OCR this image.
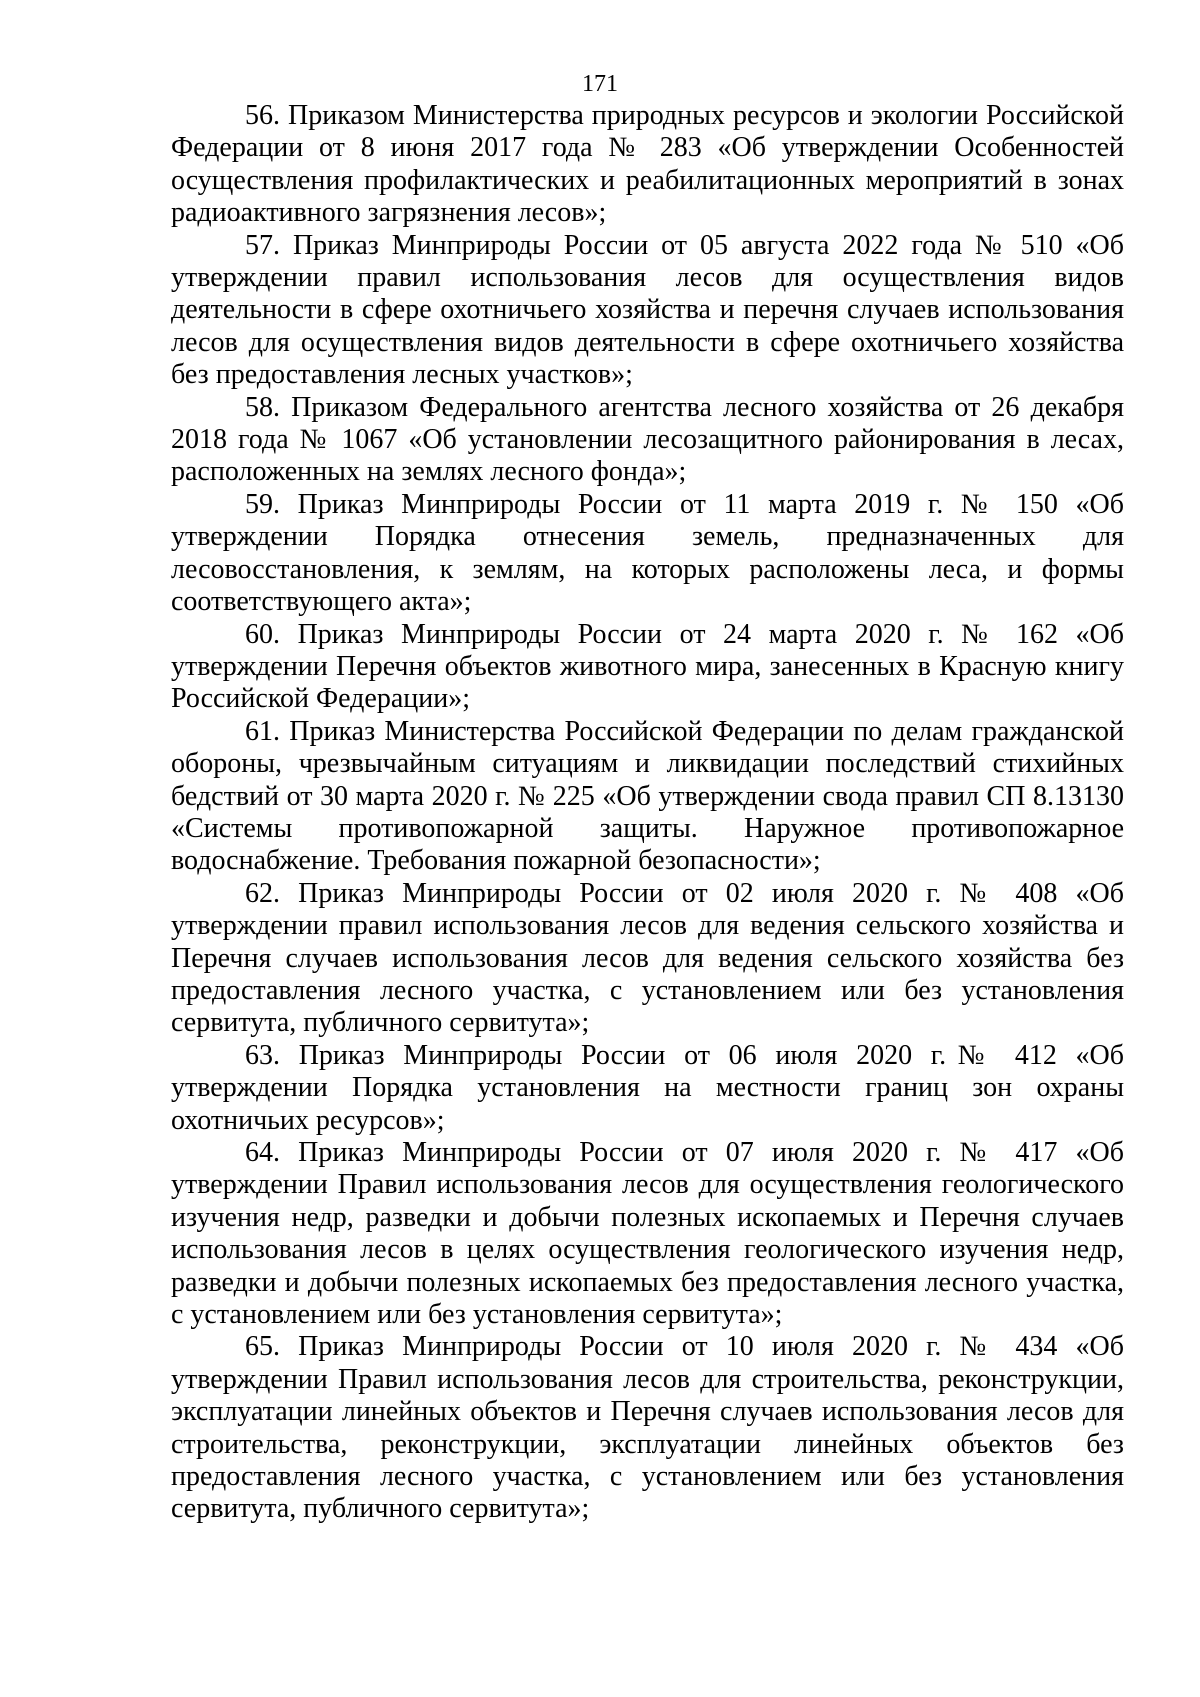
171

56. Приказом Министерства природных ресурсов и экологии Российской Федерации от 8 июня 2017 года № 283 «Об утверждении Особенностей осуществления профилактических и реабилитационных мероприятий в зонах радиоактивного загрязнения лесов»;

57. Приказ Минприроды России от 05 августа 2022 года № 510 «Об утверждении правил использования лесов для осуществления видов деятельности в сфере охотничьего хозяйства и перечня случаев использования лесов для осуществления видов деятельности в сфере охотничьего хозяйства без предоставления лесных участков»;

58. Приказом Федерального агентства лесного хозяйства от 26 декабря 2018 года № 1067 «Об установлении лесозащитного районирования в лесах, расположенных на землях лесного фонда»;

59. Приказ Минприроды России от 11 марта 2019 г. № 150 «Об утверждении Порядка отнесения земель, предназначенных для лесовосстановления, к землям, на которых расположены леса, и формы соответствующего акта»;

60. Приказ Минприроды России от 24 марта 2020 г. № 162 «Об утверждении Перечня объектов животного мира, занесенных в Красную книгу Российской Федерации»;

61. Приказ Министерства Российской Федерации по делам гражданской обороны, чрезвычайным ситуациям и ликвидации последствий стихийных бедствий от 30 марта 2020 г. № 225 «Об утверждении свода правил СП 8.13130 «Системы противопожарной защиты. Наружное противопожарное водоснабжение. Требования пожарной безопасности»;

62. Приказ Минприроды России от 02 июля 2020 г. № 408 «Об утверждении правил использования лесов для ведения сельского хозяйства и Перечня случаев использования лесов для ведения сельского хозяйства без предоставления лесного участка, с установлением или без установления сервитута, публичного сервитута»;

63. Приказ Минприроды России от 06 июля 2020 г.№ 412 «Об утверждении Порядка установления на местности границ зон охраны охотничьих ресурсов»;

64. Приказ Минприроды России от 07 июля 2020 г. № 417 «Об утверждении Правил использования лесов для осуществления геологического изучения недр, разведки и добычи полезных ископаемых и Перечня случаев использования лесов в целях осуществления геологического изучения недр, разведки и добычи полезных ископаемых без предоставления лесного участка, с установлением или без установления сервитута»;

65. Приказ Минприроды России от 10 июля 2020 г. № 434 «Об утверждении Правил использования лесов для строительства, реконструкции, эксплуатации линейных объектов и Перечня случаев использования лесов для строительства, реконструкции, эксплуатации линейных объектов без предоставления лесного участка, с установлением или без установления сервитута, публичного сервитута»;
